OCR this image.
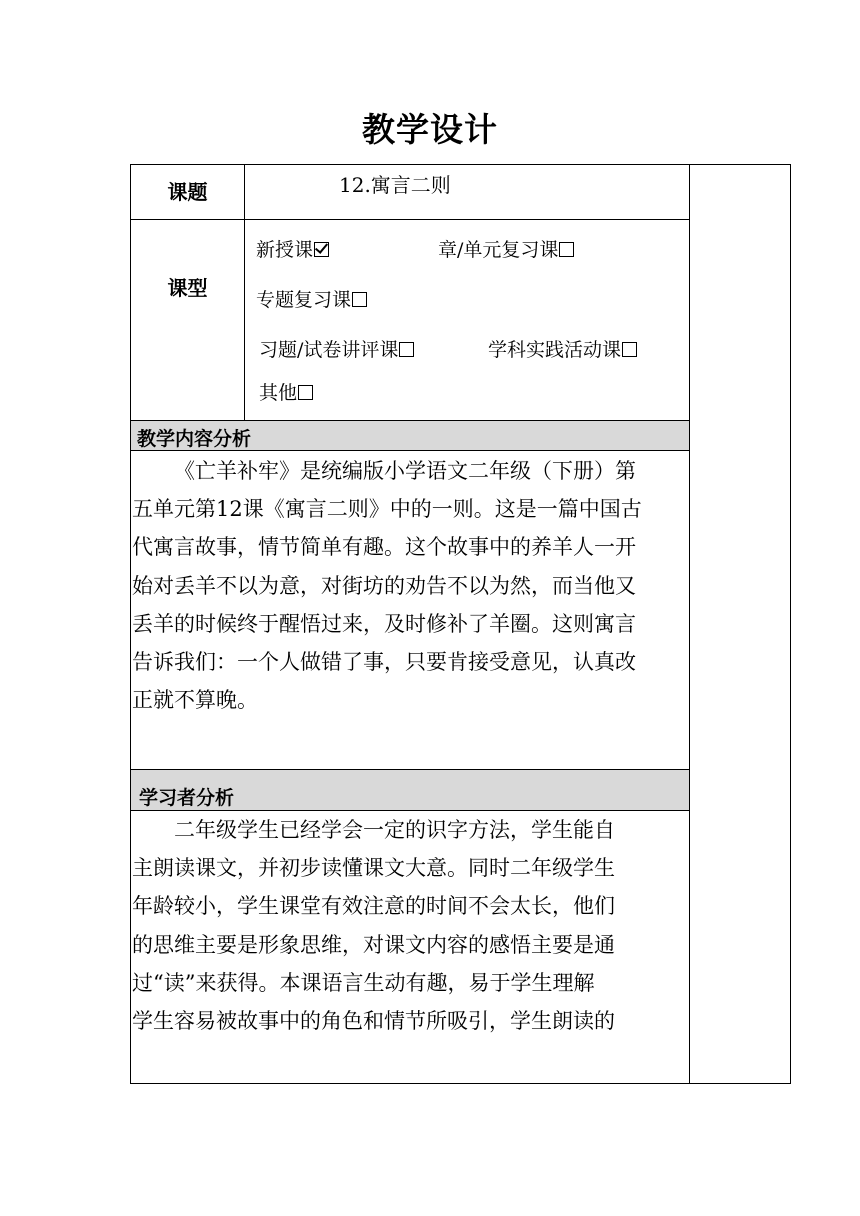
教学设计
课题	12.寓言二则
课型
新授课	章/单元复习课
专题复习课
习题/试卷讲评课	学科实践活动课
其他
教学内容分析
《亡羊补牢》是统编版小学语文二年级（下册）第
五单元第12课《寓言二则》中的一则。这是一篇中国古
代寓言故事，情节简单有趣。这个故事中的养羊人一开
始对丢羊不以为意，对街坊的劝告不以为然，而当他又
丢羊的时候终于醒悟过来，及时修补了羊圈。这则寓言
告诉我们：一个人做错了事，只要肯接受意见，认真改
正就不算晚。
学习者分析
二年级学生已经学会一定的识字方法，学生能自
主朗读课文，并初步读懂课文大意。同时二年级学生
年龄较小，学生课堂有效注意的时间不会太长，他们
的思维主要是形象思维，对课文内容的感悟主要是通
过“读”来获得。本课语言生动有趣，易于学生理解
学生容易被故事中的角色和情节所吸引，学生朗读的
